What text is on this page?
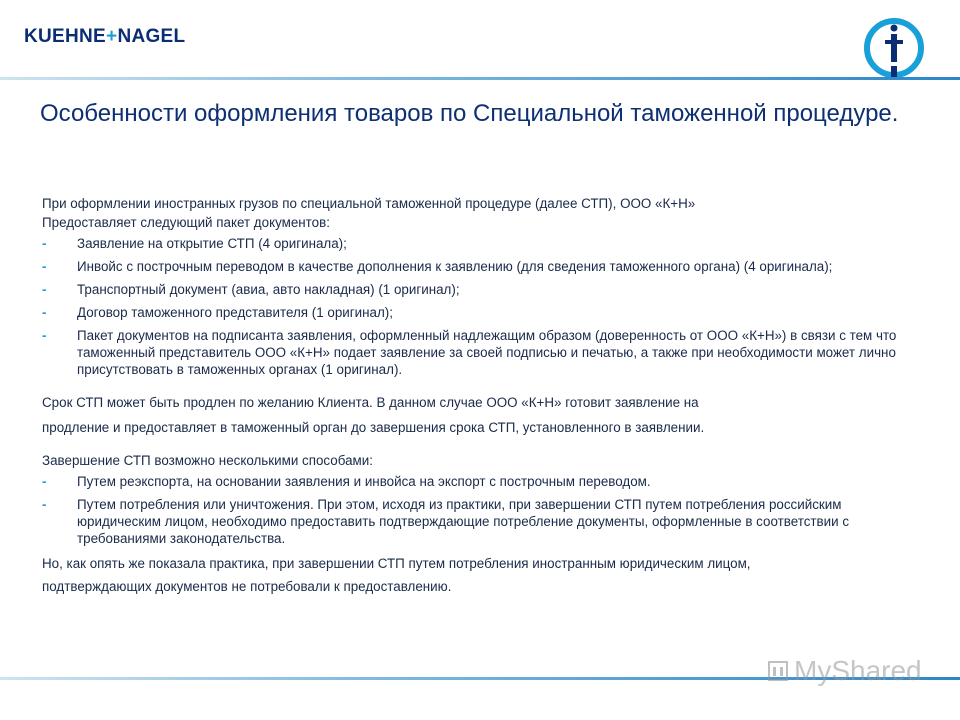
KUEHNE+NAGEL
Особенности оформления товаров по Специальной таможенной процедуре.

При оформлении иностранных грузов по специальной таможенной процедуре (далее СТП), ООО «К+Н»

Предоставляет следующий пакет документов:

- Заявление на открытие СТП (4 оригинала);
- Инвойс с построчным переводом в качестве дополнения к заявлению (для сведения таможенного органа) (4 оригинала);
- Транспортный документ (авиа, авто накладная) (1 оригинал);
- Договор таможенного представителя (1 оригинал);
- Пакет документов на подписанта заявления, оформленный надлежащим образом (доверенность от ООО «К+Н») в связи с тем что таможенный представитель ООО «К+Н» подает заявление за своей подписью и печатью, а также при необходимости может лично присутствовать в таможенных органах (1 оригинал).

Срок СТП может быть продлен по желанию Клиента. В данном случае ООО «К+Н» готовит заявление на

продление и предоставляет в таможенный орган до завершения срока СТП, установленного в заявлении.

Завершение СТП возможно несколькими способами:

- Путем реэкспорта, на основании заявления и инвойса на экспорт с построчным переводом.
- Путем потребления или уничтожения. При этом, исходя из практики, при завершении СТП путем потребления российским юридическим лицом, необходимо предоставить подтверждающие потребление документы, оформленные в соответствии с требованиями законодательства.

Но, как опять же показала практика, при завершении СТП путем потребления иностранным юридическим лицом,

подтверждающих документов не потребовали к предоставлению.

MyShared
